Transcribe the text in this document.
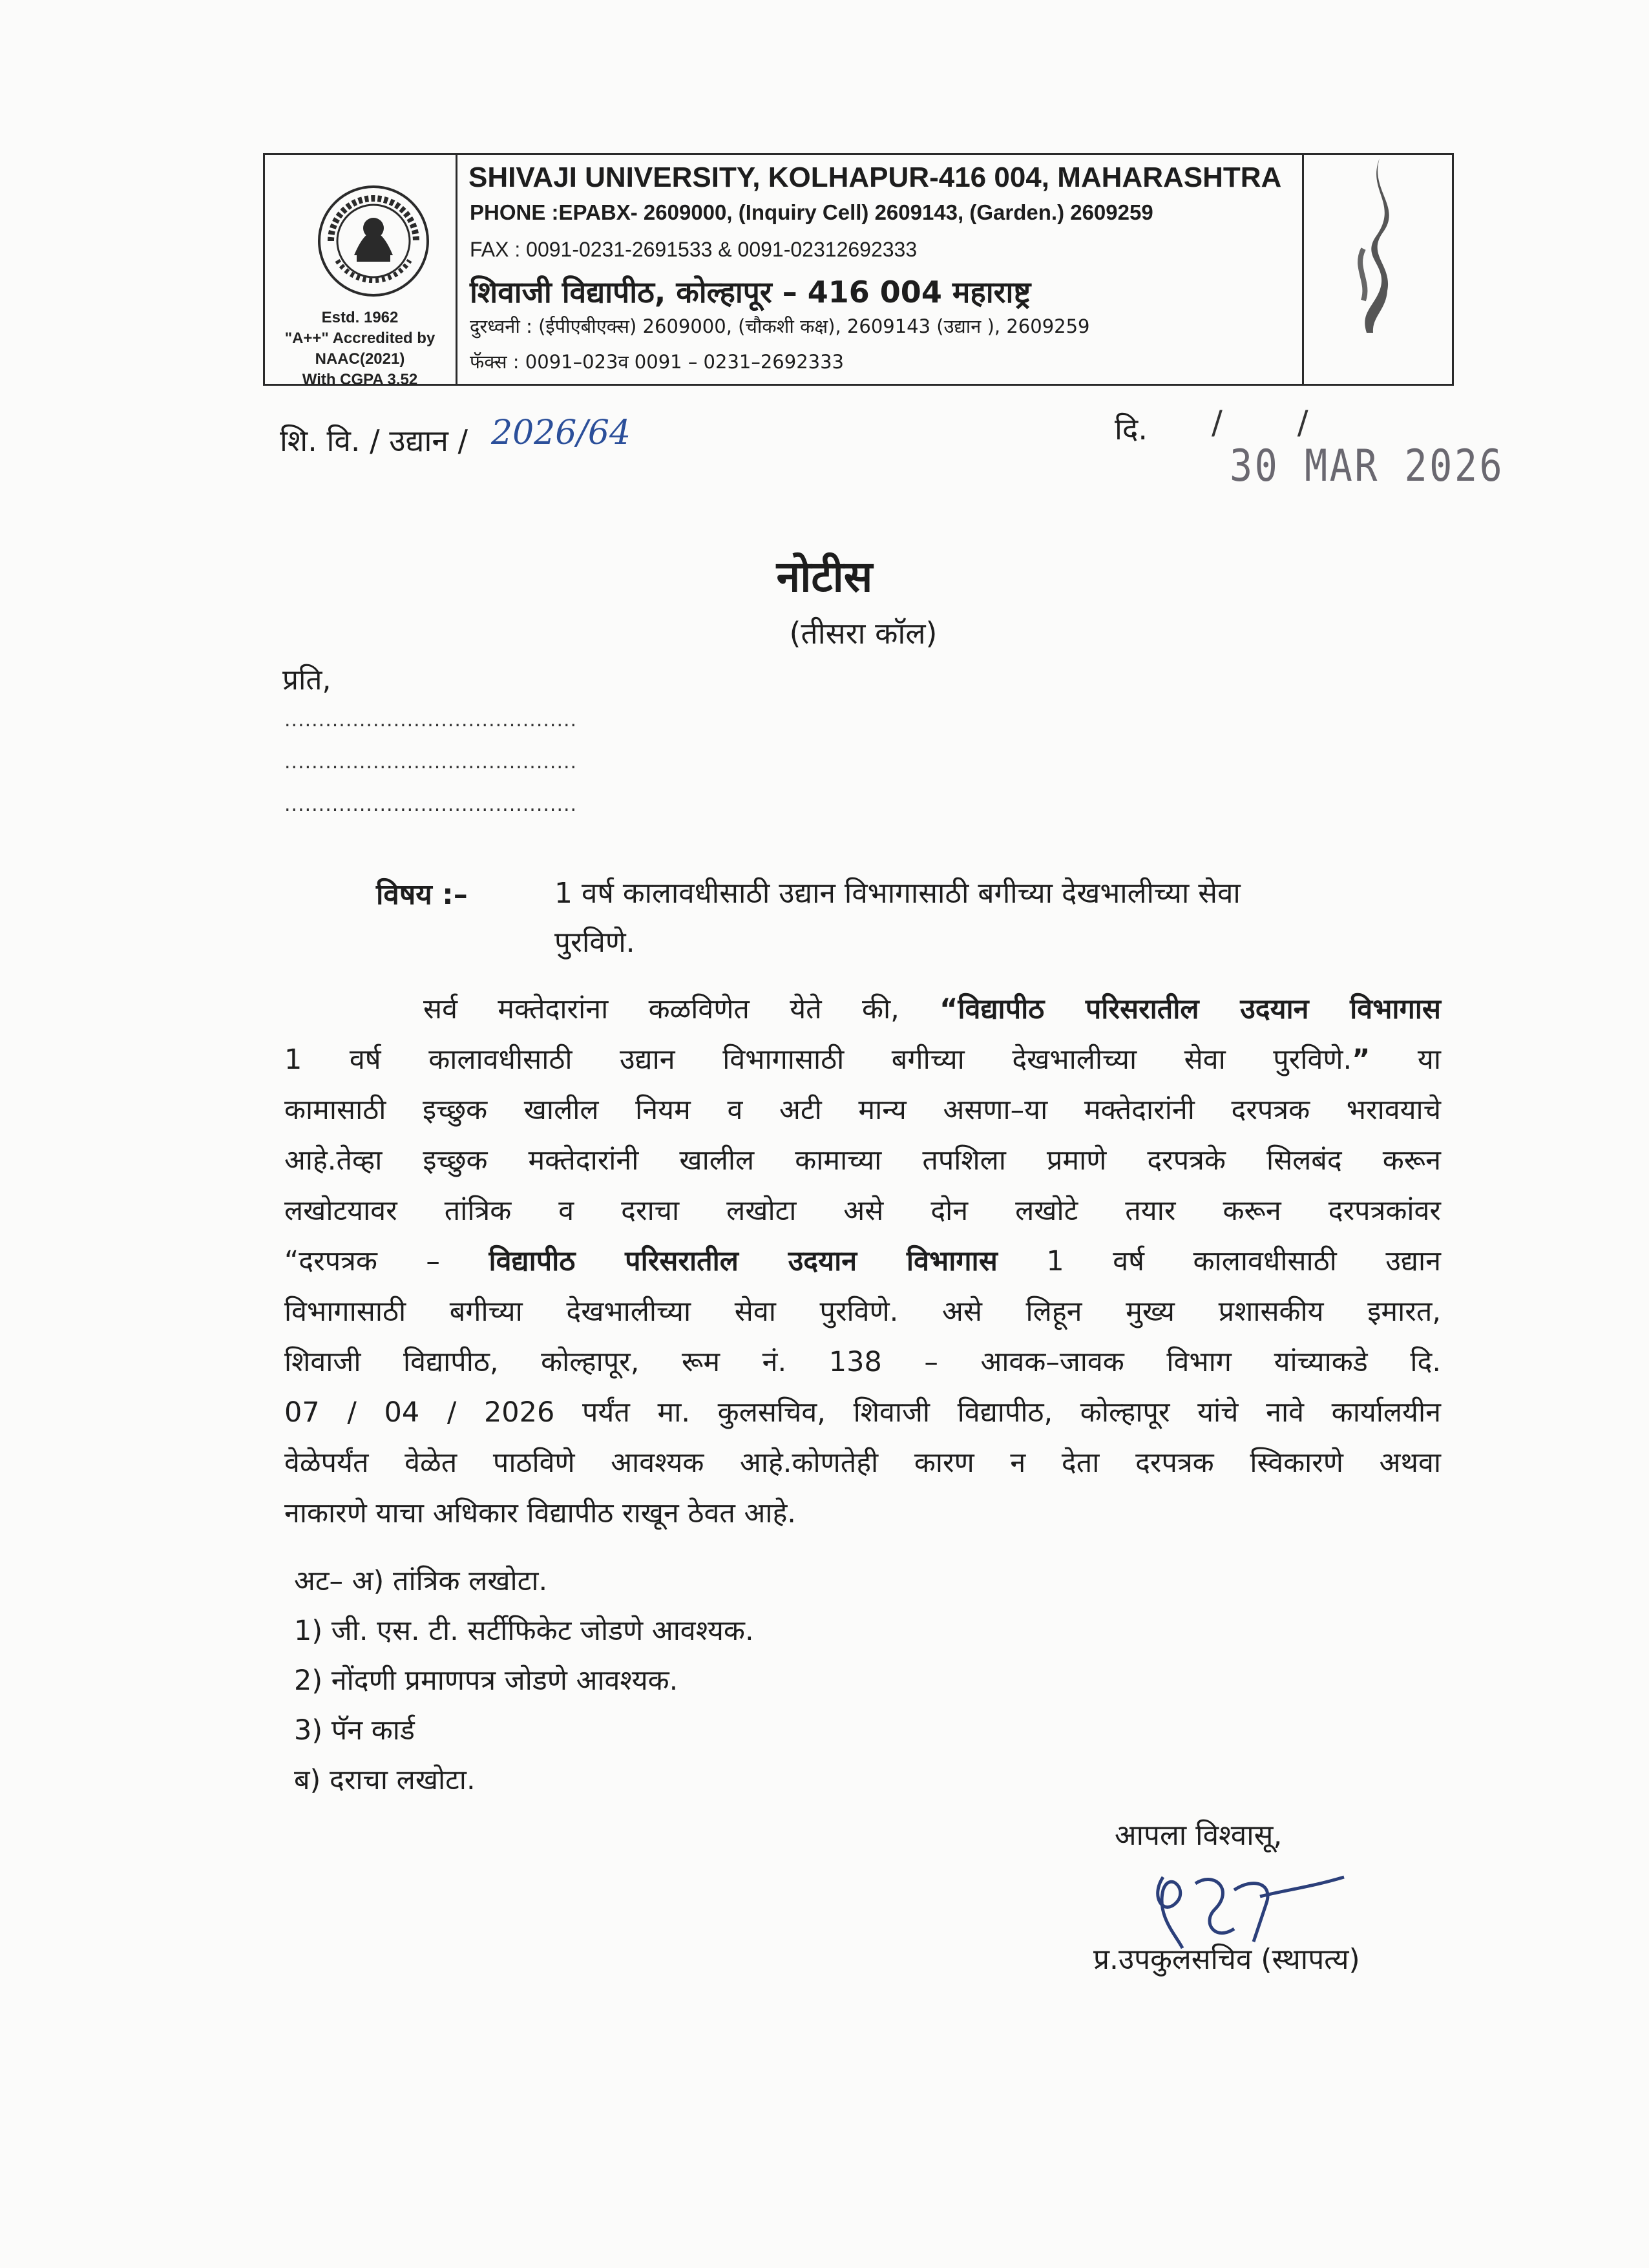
Estd. 1962
"A++" Accredited by
NAAC(2021)
With CGPA 3.52
SHIVAJI UNIVERSITY, KOLHAPUR-416 004, MAHARASHTRA
PHONE :EPABX- 2609000, (Inquiry Cell) 2609143, (Garden.) 2609259
FAX : 0091-0231-2691533 & 0091-02312692333
शिवाजी विद्यापीठ, कोल्हापूर – 416 004 महाराष्ट्र
दुरध्वनी : (ईपीएबीएक्स) 2609000, (चौकशी कक्ष), 2609143 (उद्यान ), 2609259
फॅक्स : 0091–023व 0091 – 0231–2692333
शि. वि. / उद्यान / 2026/64	दि. / /
30 MAR 2026
नोटीस
(तीसरा कॉल)
प्रति,
...........................................
...........................................
...........................................
विषय :–	1 वर्ष कालावधीसाठी उद्यान विभागासाठी बगीच्या देखभालीच्या सेवा
पुरविणे.
सर्व मक्तेदारांना कळविणेत येते की, “विद्यापीठ परिसरातील उदयान विभागास
1 वर्ष कालावधीसाठी उद्यान विभागासाठी बगीच्या देखभालीच्या सेवा पुरविणे.” या
कामासाठी इच्छुक खालील नियम व अटी मान्य असणा–या मक्तेदारांनी दरपत्रक भरावयाचे
आहे.तेव्हा इच्छुक मक्तेदारांनी खालील कामाच्या तपशिला प्रमाणे दरपत्रके सिलबंद करून
लखोटयावर तांत्रिक व दराचा लखोटा असे दोन लखोटे तयार करून दरपत्रकांवर
“दरपत्रक – विद्यापीठ परिसरातील उदयान विभागास 1 वर्ष कालावधीसाठी उद्यान
विभागासाठी बगीच्या देखभालीच्या सेवा पुरविणे. असे लिहून मुख्य प्रशासकीय इमारत,
शिवाजी विद्यापीठ, कोल्हापूर, रूम नं. 138 – आवक–जावक विभाग यांच्याकडे दि.
07 / 04 / 2026 पर्यंत मा. कुलसचिव, शिवाजी विद्यापीठ, कोल्हापूर यांचे नावे कार्यालयीन
वेळेपर्यंत वेळेत पाठविणे आवश्यक आहे.कोणतेही कारण न देता दरपत्रक स्विकारणे अथवा
नाकारणे याचा अधिकार विद्यापीठ राखून ठेवत आहे.
अट– अ) तांत्रिक लखोटा.
1) जी. एस. टी. सर्टीफिकेट जोडणे आवश्यक.
2) नोंदणी प्रमाणपत्र जोडणे आवश्यक.
3) पॅन कार्ड
ब) दराचा लखोटा.
आपला विश्वासू,
प्र.उपकुलसचिव (स्थापत्य)
